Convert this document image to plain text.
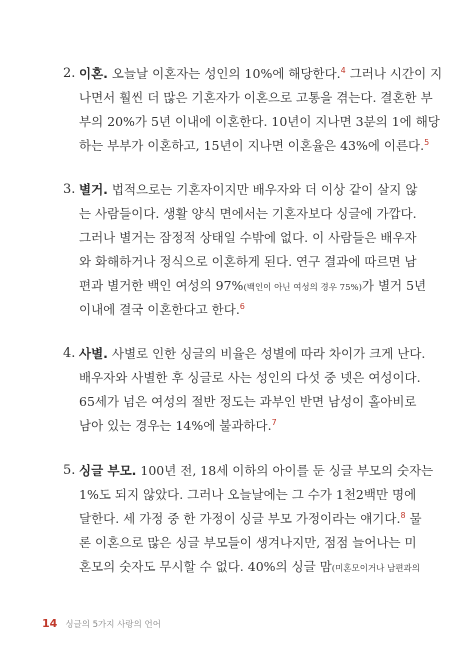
2. 이혼. 오늘날 이혼자는 성인의 10%에 해당한다.$^4$ 그러나 시간이 지
나면서 훨씬 더 많은 기혼자가 이혼으로 고통을 겪는다. 결혼한 부
부의 20%가 5년 이내에 이혼한다. 10년이 지나면 3분의 1에 해당
하는 부부가 이혼하고, 15년이 지나면 이혼율은 43%에 이른다.$^5$
3. 별거. 법적으로는 기혼자이지만 배우자와 더 이상 같이 살지 않
는 사람들이다. 생활 양식 면에서는 기혼자보다 싱글에 가깝다.
그러나 별거는 잠정적 상태일 수밖에 없다. 이 사람들은 배우자
와 화해하거나 정식으로 이혼하게 된다. 연구 결과에 따르면 남
편과 별거한 백인 여성의 97%(백인이 아닌 여성의 경우 75%)가 별거 5년
이내에 결국 이혼한다고 한다.$^6$
4. 사별. 사별로 인한 싱글의 비율은 성별에 따라 차이가 크게 난다.
배우자와 사별한 후 싱글로 사는 성인의 다섯 중 넷은 여성이다.
65세가 넘은 여성의 절반 정도는 과부인 반면 남성이 홀아비로
남아 있는 경우는 14%에 불과하다.$^7$
5. 싱글 부모. 100년 전, 18세 이하의 아이를 둔 싱글 부모의 숫자는
1%도 되지 않았다. 그러나 오늘날에는 그 수가 1천2백만 명에
달한다. 세 가정 중 한 가정이 싱글 부모 가정이라는 얘기다.$^8$ 물
론 이혼으로 많은 싱글 부모들이 생겨나지만, 점점 늘어나는 미
혼모의 숫자도 무시할 수 없다. 40%의 싱글 맘(미혼모이거나 남편과의
14 싱글의 5가지 사랑의 언어
